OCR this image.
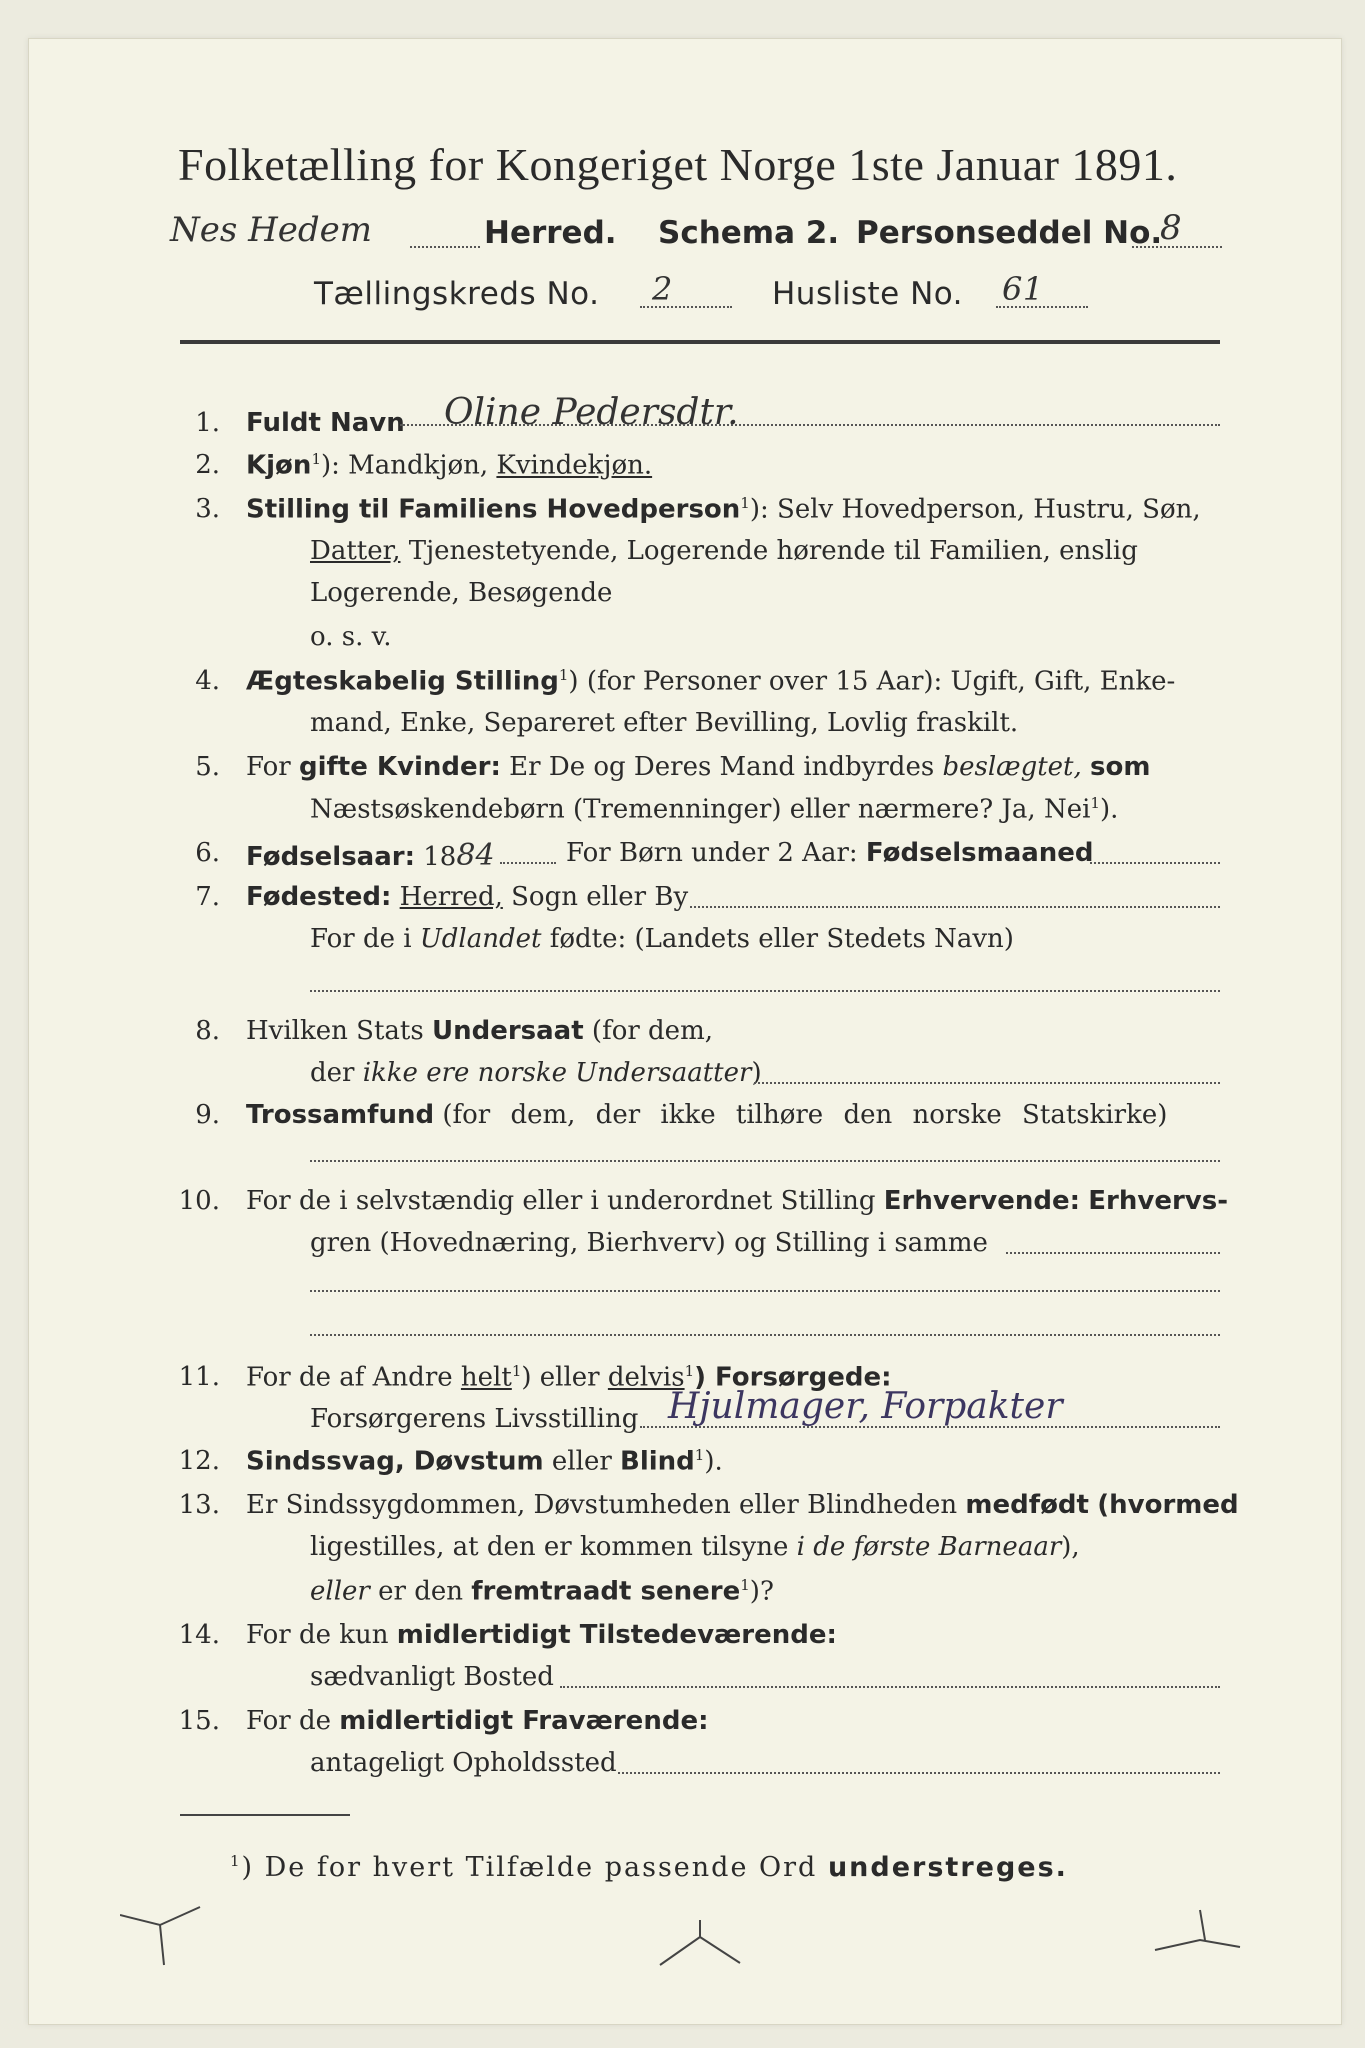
Folketælling for Kongeriget Norge 1ste Januar 1891.
Nes Hedem	Herred. Schema 2. Personseddel No.
8
Tællingskreds No. 2	Husliste No. 61
1. Fuldt Navn Oline Pedersdtr.
2. Kjøn$^1$): Mandkjøn, Kvindekjøn.
3. Stilling til Familiens Hovedperson$^1$): Selv Hovedperson, Hustru, Søn,
Datter, Tjenestetyende, Logerende hørende til Familien, enslig
Logerende, Besøgende
o. s. v.
4. Ægteskabelig Stilling$^1$) (for Personer over 15 Aar): Ugift, Gift, Enke-
mand, Enke, Separeret efter Bevilling, Lovlig fraskilt.
5. For gifte Kvinder: Er De og Deres Mand indbyrdes beslægtet, som
Næstsøskendebørn (Tremenninger) eller nærmere? Ja, Nei$^1$).
6. Fødselsaar: 1884	For Børn under 2 Aar: Fødselsmaaned
7. Fødested: Herred, Sogn eller By
For de i Udlandet fødte: (Landets eller Stedets Navn)
8. Hvilken Stats Undersaat (for dem,
der ikke ere norske Undersaatter)
9. Trossamfund (for dem, der ikke tilhøre den norske Statskirke)
10. For de i selvstændig eller i underordnet Stilling Erhvervende: Erhvervs-
gren (Hovednæring, Bierhverv) og Stilling i samme
11. For de af Andre helt$^1$) eller delvis$^1$) Forsørgede:
Forsørgerens Livsstilling Hjulmager, Forpakter
12. Sindssvag, Døvstum eller Blind$^1$).
13. Er Sindssygdommen, Døvstumheden eller Blindheden medfødt (hvormed
ligestilles, at den er kommen tilsyne i de første Barneaar),
eller er den fremtraadt senere$^1$)?
14. For de kun midlertidigt Tilstedeværende:
sædvanligt Bosted
15. For de midlertidigt Fraværende:
antageligt Opholdssted
$^1$) De for hvert Tilfælde passende Ord understreges.
